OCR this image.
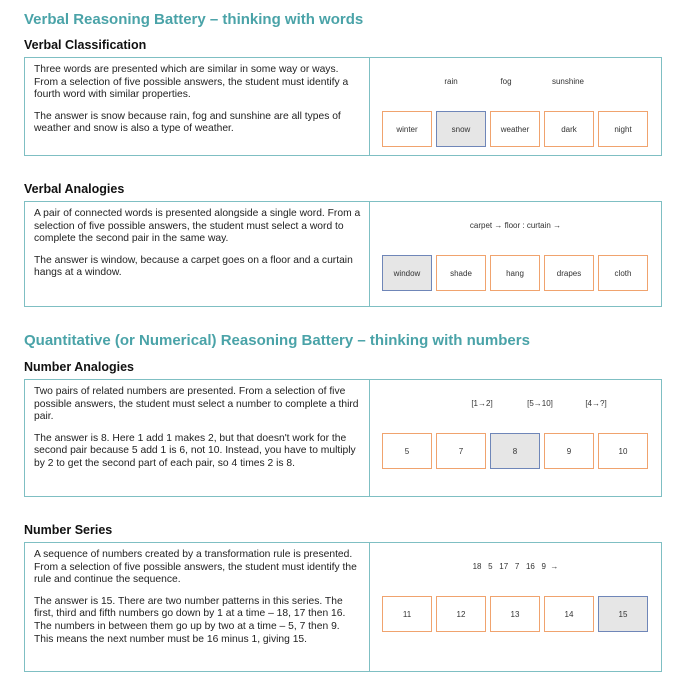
Verbal Reasoning Battery – thinking with words
Verbal Classification

Three words are presented which are similar in some way or ways. From a selection of five possible answers, the student must identify a fourth word with similar properties.

The answer is snow because rain, fog and sunshine are all types of weather and snow is also a type of weather.

rain	fog	sunshine
winter	snow	weather	dark	night
Verbal Analogies

A pair of connected words is presented alongside a single word. From a selection of five possible answers, the student must select a word to complete the second pair in the same way.

The answer is window, because a carpet goes on a floor and a curtain hangs at a window.

carpet → floor : curtain →
window	shade	hang	drapes	cloth
Quantitative (or Numerical) Reasoning Battery – thinking with numbers
Number Analogies

Two pairs of related numbers are presented. From a selection of five possible answers, the student must select a number to complete a third pair.

The answer is 8. Here 1 add 1 makes 2, but that doesn't work for the second pair because 5 add 1 is 6, not 10. Instead, you have to multiply by 2 to get the second part of each pair, so 4 times 2 is 8.

[1→2]	[5→10]	[4→?]
5	7	8	9	10
Number Series

A sequence of numbers created by a transformation rule is presented. From a selection of five possible answers, the student must identify the rule and continue the sequence.

The answer is 15. There are two number patterns in this series. The first, third and fifth numbers go down by 1 at a time – 18, 17 then 16. The numbers in between them go up by two at a time – 5, 7 then 9. This means the next number must be 16 minus 1, giving 15.

18   5   17   7   16   9  →
11	12	13	14	15
